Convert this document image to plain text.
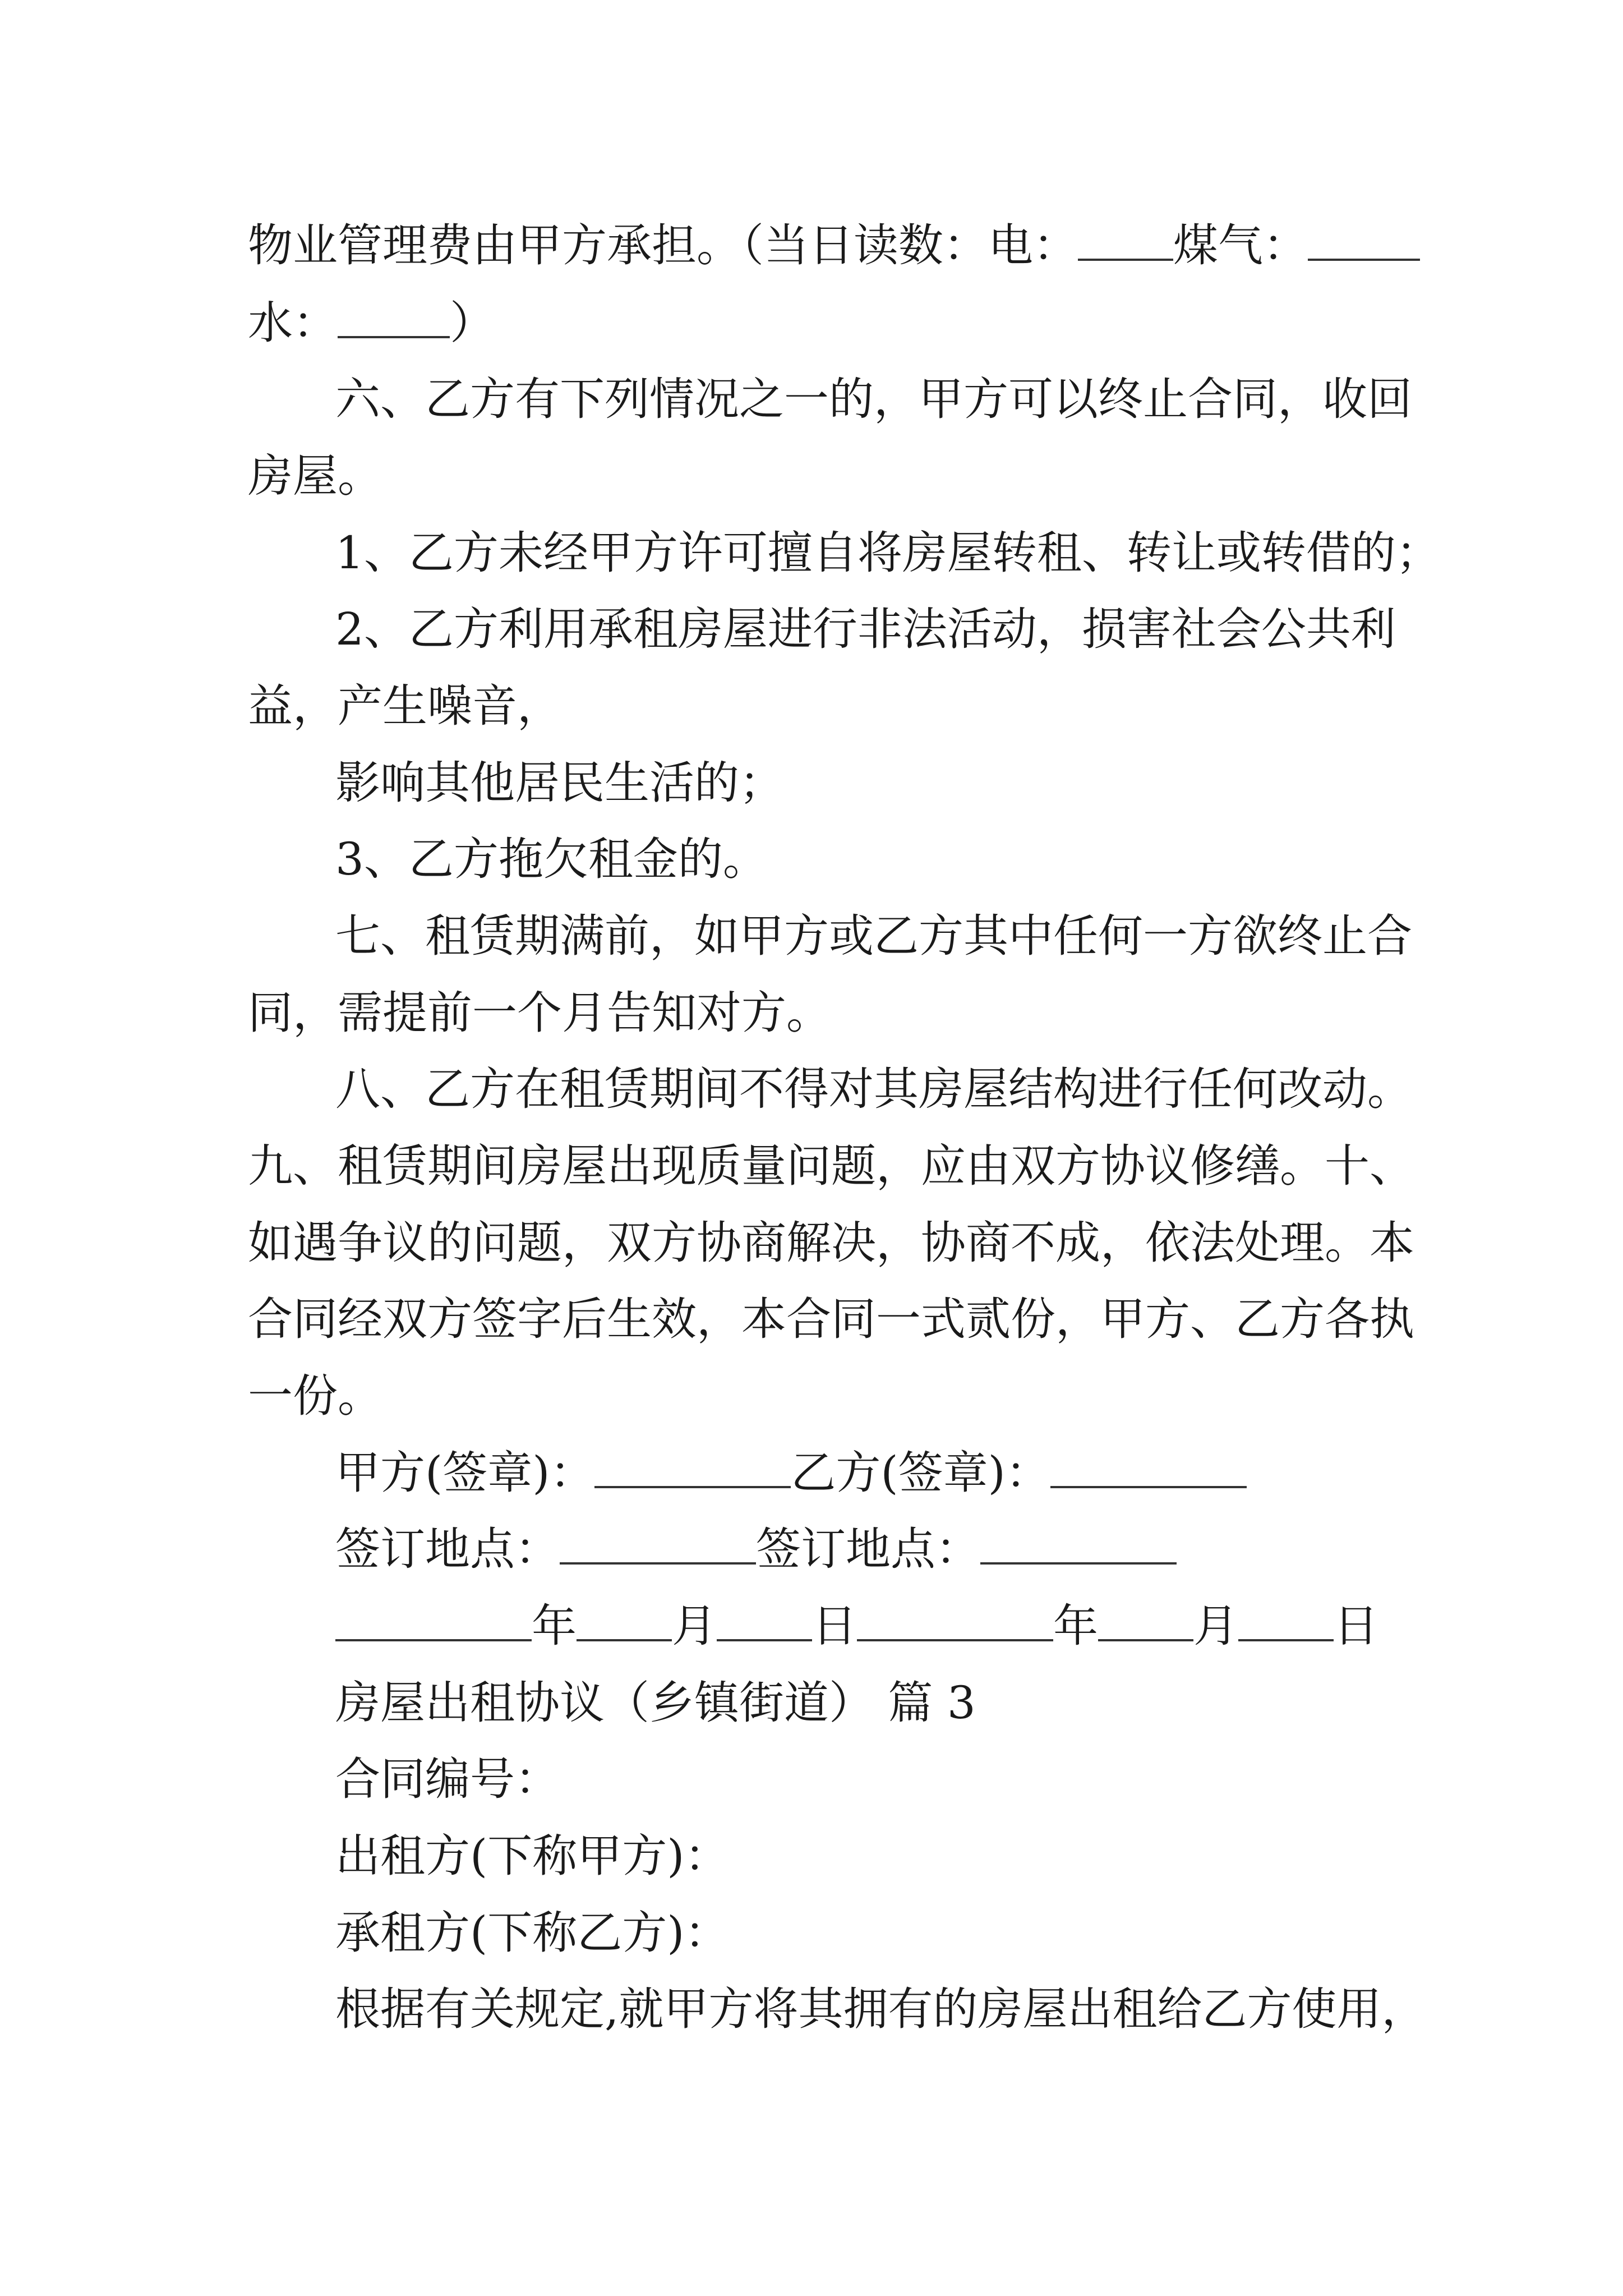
物业管理费由甲方承担。（当日读数：电： 煤气：
水：	）
六、乙方有下列情况之一的，甲方可以终止合同，收回
房屋。
1、乙方未经甲方许可擅自将房屋转租、转让或转借的；
2、乙方利用承租房屋进行非法活动，损害社会公共利
益，产生噪音，
影响其他居民生活的；
3、乙方拖欠租金的。
七、租赁期满前，如甲方或乙方其中任何一方欲终止合
同，需提前一个月告知对方。
八、乙方在租赁期间不得对其房屋结构进行任何改动。
九、租赁期间房屋出现质量问题，应由双方协议修缮。十、
如遇争议的问题，双方协商解决，协商不成，依法处理。本
合同经双方签字后生效，本合同一式贰份，甲方、乙方各执
一份。
甲方(签章)：	乙方(签章)：
签订地点：	签订地点：
年 月 日	年 月 日
房屋出租协议（乡镇街道） 篇 3
合同编号：
出租方(下称甲方)：
承租方(下称乙方)：
根据有关规定,就甲方将其拥有的房屋出租给乙方使用，
